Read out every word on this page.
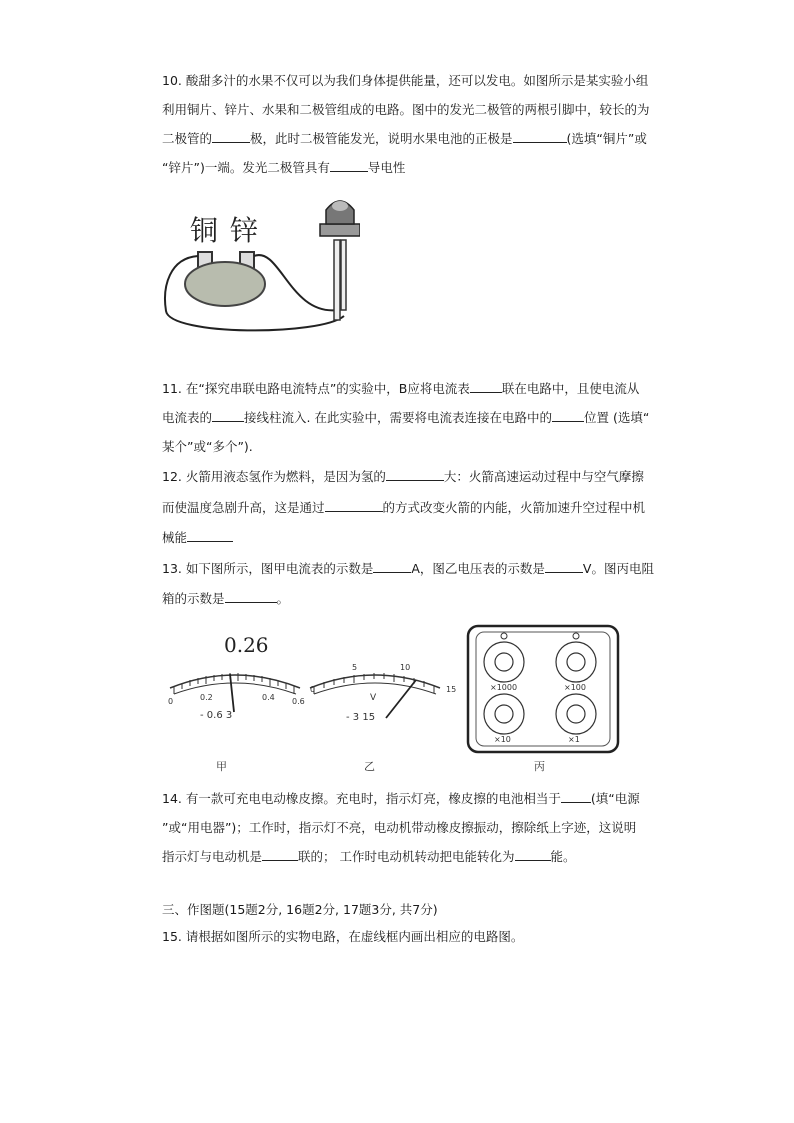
10. 酸甜多汁的水果不仅可以为我们身体提供能量，还可以发电。如图所示是某实验小组
利用铜片、锌片、水果和二极管组成的电路。图中的发光二极管的两根引脚中，较长的为
二极管的	极，此时二极管能发光，说明水果电池的正极是	(选填“铜片”或
“锌片”)一端。发光二极管具有	导电性
铜 锌
11. 在“探究串联电路电流特点”的实验中，B应将电流表	联在电路中，且使电流从
电流表的	接线柱流入. 在此实验中，需要将电流表连接在电路中的	位置 (选填“
某个”或“多个”).
12. 火箭用液态氢作为燃料，是因为氢的	大：火箭高速运动过程中与空气摩擦
而使温度急剧升高，这是通过	的方式改变火箭的内能，火箭加速升空过程中机
械能
13. 如下图所示，图甲电流表的示数是	A，图乙电压表的示数是	V。图丙电阻
箱的示数是	。
0.26
0	0.2	0.4 0.6
- 0.6 3
甲
0
5	10
15
V
- 3 15
乙
×1000	×100
×10	×1
丙
14. 有一款可充电电动橡皮擦。充电时，指示灯亮，橡皮擦的电池相当于 (填“电源
”或“用电器”)；工作时，指示灯不亮，电动机带动橡皮擦振动，擦除纸上字迹，这说明
指示灯与电动机是	联的； 工作时电动机转动把电能转化为	能。
三、作图题(15题2分, 16题2分, 17题3分, 共7分)
15. 请根据如图所示的实物电路，在虚线框内画出相应的电路图。
